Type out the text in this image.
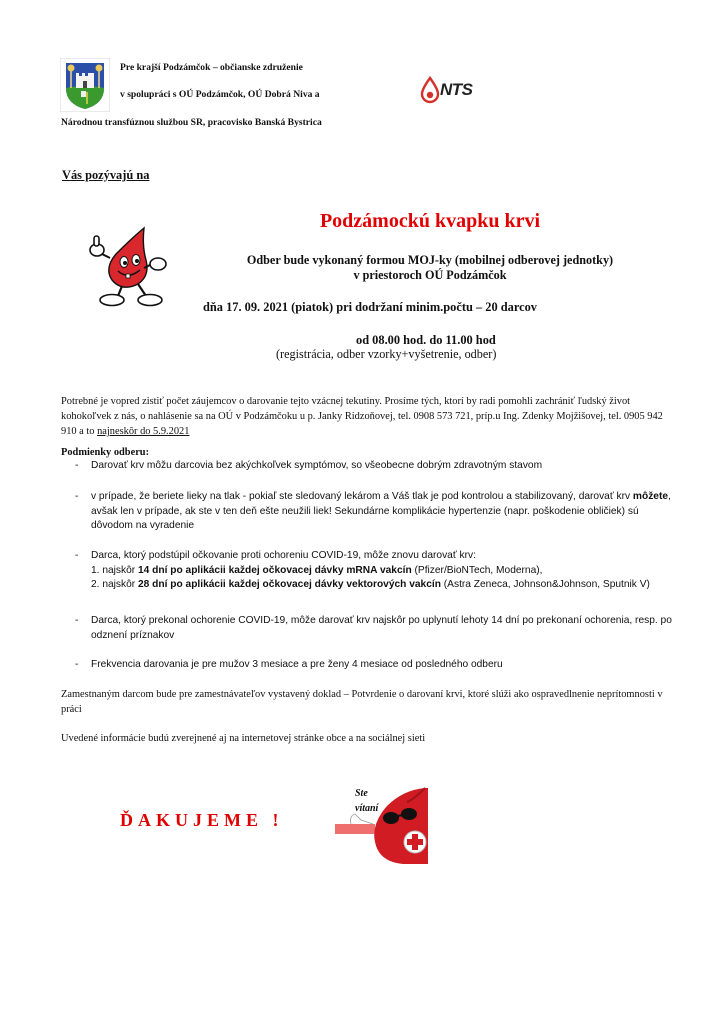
Pre krajší Podzámčok – občianske združenie
v spolupráci s OÚ Podzámčok, OÚ Dobrá Niva a
Národnou transfúznou službou SR, pracovisko Banská Bystrica
NTS
Vás pozývajú na
Podzámockú kvapku krvi
Odber bude vykonaný formou MOJ-ky (mobilnej odberovej jednotky)
v priestoroch OÚ Podzámčok
dňa 17. 09. 2021 (piatok) pri dodržaní minim.počtu – 20 darcov
od 08.00 hod. do 11.00 hod
(registrácia, odber vzorky+vyšetrenie, odber)
Potrebné je vopred zistiť počet záujemcov o darovanie tejto vzácnej tekutiny. Prosíme tých, ktorí by radi pomohli zachrániť ľudský život kohokoľvek z nás, o nahlásenie sa na OÚ v Podzámčoku u p. Janky Ridzoňovej, tel. 0908 573 721, príp.u Ing. Zdenky Mojžišovej, tel. 0905 942 910 a to najneskôr do 5.9.2021
Podmienky odberu:
- Darovať krv môžu darcovia bez akýchkoľvek symptómov, so všeobecne dobrým zdravotným stavom
- v prípade, že beriete lieky na tlak - pokiaľ ste sledovaný lekárom a Váš tlak je pod kontrolou a stabilizovaný, darovať krv môžete, avšak len v prípade, ak ste v ten deň ešte neužili liek! Sekundárne komplikácie hypertenzie (napr. poškodenie obličiek) sú dôvodom na vyradenie
- Darca, ktorý podstúpil očkovanie proti ochoreniu COVID-19, môže znovu darovať krv:
1. najskôr 14 dní po aplikácii každej očkovacej dávky mRNA vakcín (Pfizer/BioNTech, Moderna),
2. najskôr 28 dní po aplikácii každej očkovacej dávky vektorových vakcín (Astra Zeneca, Johnson&Johnson, Sputnik V)
- Darca, ktorý prekonal ochorenie COVID-19, môže darovať krv najskôr po uplynutí lehoty 14 dní po prekonaní ochorenia, resp. po odznení príznakov
- Frekvencia darovania je pre mužov 3 mesiace a pre ženy 4 mesiace od posledného odberu
Zamestnaným darcom bude pre zamestnávateľov vystavený doklad – Potvrdenie o darovaní krvi, ktoré slúži ako ospravedlnenie neprítomnosti v práci
Uvedené informácie budú zverejnené aj na internetovej stránke obce a na sociálnej sieti
ĎAKUJEME !
Ste
vítaní
